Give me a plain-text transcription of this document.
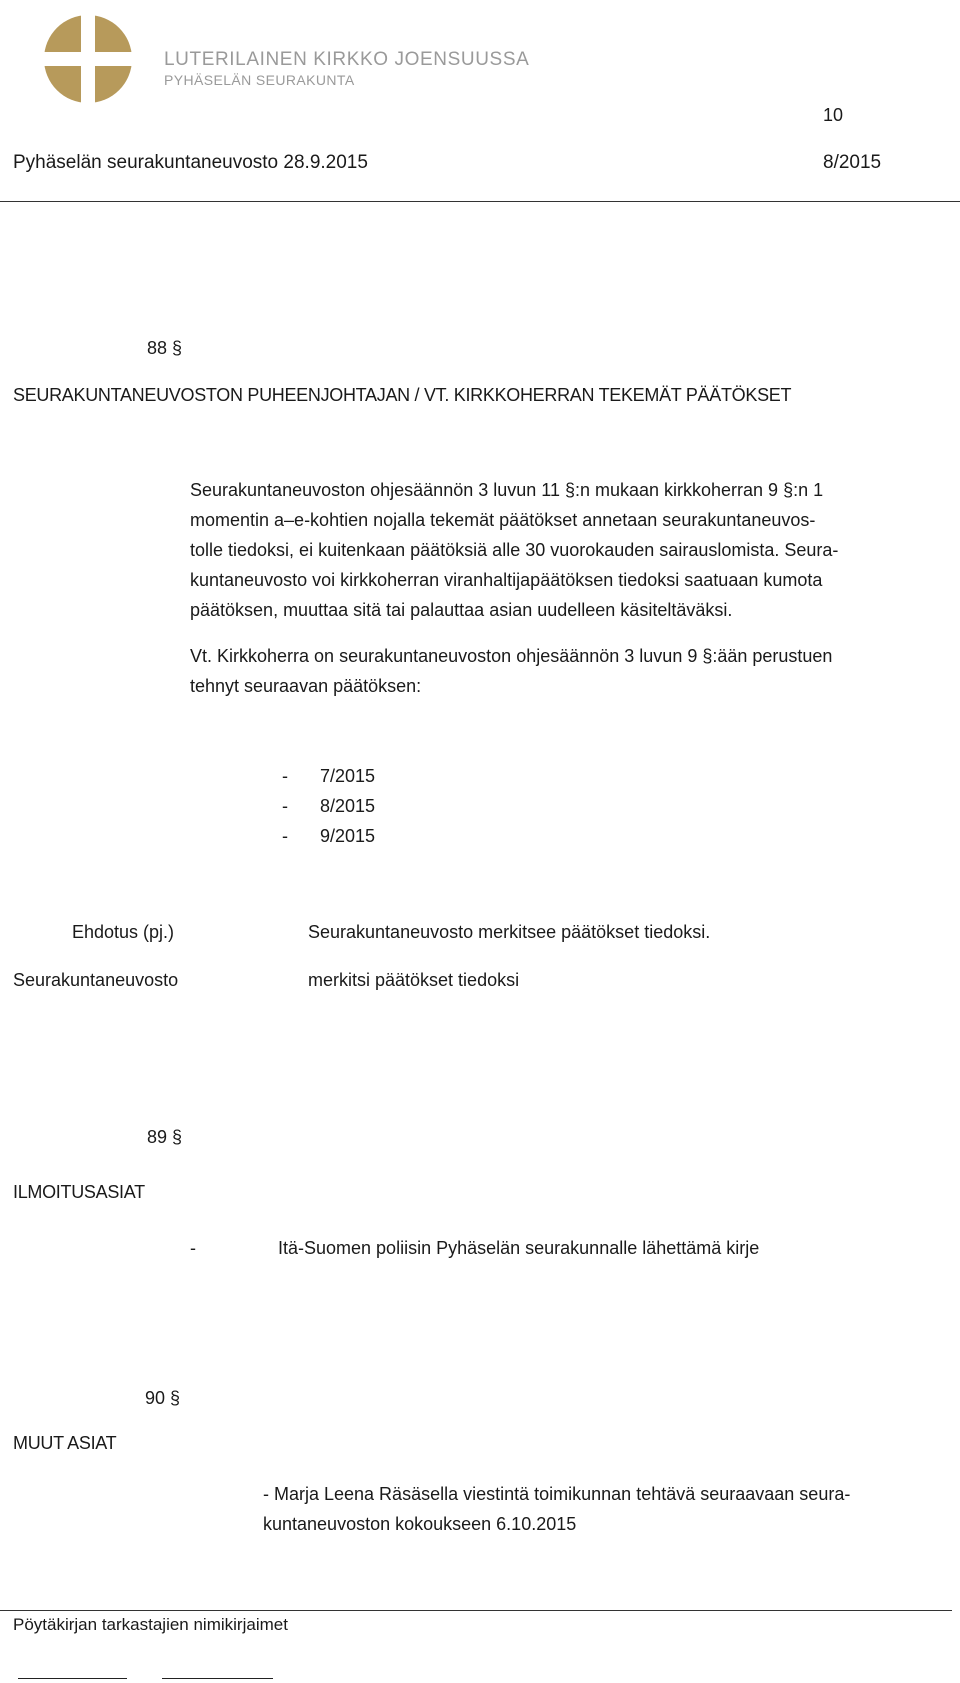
LUTERILAINEN KIRKKO JOENSUUSSA
PYHÄSELÄN SEURAKUNTA
10
Pyhäselän seurakuntaneuvosto 28.9.2015	8/2015
88 §
SEURAKUNTANEUVOSTON PUHEENJOHTAJAN / VT. KIRKKOHERRAN TEKEMÄT PÄÄTÖKSET
Seurakuntaneuvoston ohjesäännön 3 luvun 11 §:n mukaan kirkkoherran 9 §:n 1
momentin a–e-kohtien nojalla tekemät päätökset annetaan seurakuntaneuvos-
tolle tiedoksi, ei kuitenkaan päätöksiä alle 30 vuorokauden sairauslomista. Seura-
kuntaneuvosto voi kirkkoherran viranhaltijapäätöksen tiedoksi saatuaan kumota
päätöksen, muuttaa sitä tai palauttaa asian uudelleen käsiteltäväksi.
Vt. Kirkkoherra on seurakuntaneuvoston ohjesäännön 3 luvun 9 §:ään perustuen
tehnyt seuraavan päätöksen:
- 7/2015
- 8/2015
- 9/2015
Ehdotus (pj.)	Seurakuntaneuvosto merkitsee päätökset tiedoksi.
Seurakuntaneuvosto	merkitsi päätökset tiedoksi
89 §
ILMOITUSASIAT
-	Itä-Suomen poliisin Pyhäselän seurakunnalle lähettämä kirje
90 §
MUUT ASIAT
- Marja Leena Räsäsella viestintä toimikunnan tehtävä seuraavaan seura-
kuntaneuvoston kokoukseen 6.10.2015
Pöytäkirjan tarkastajien nimikirjaimet
